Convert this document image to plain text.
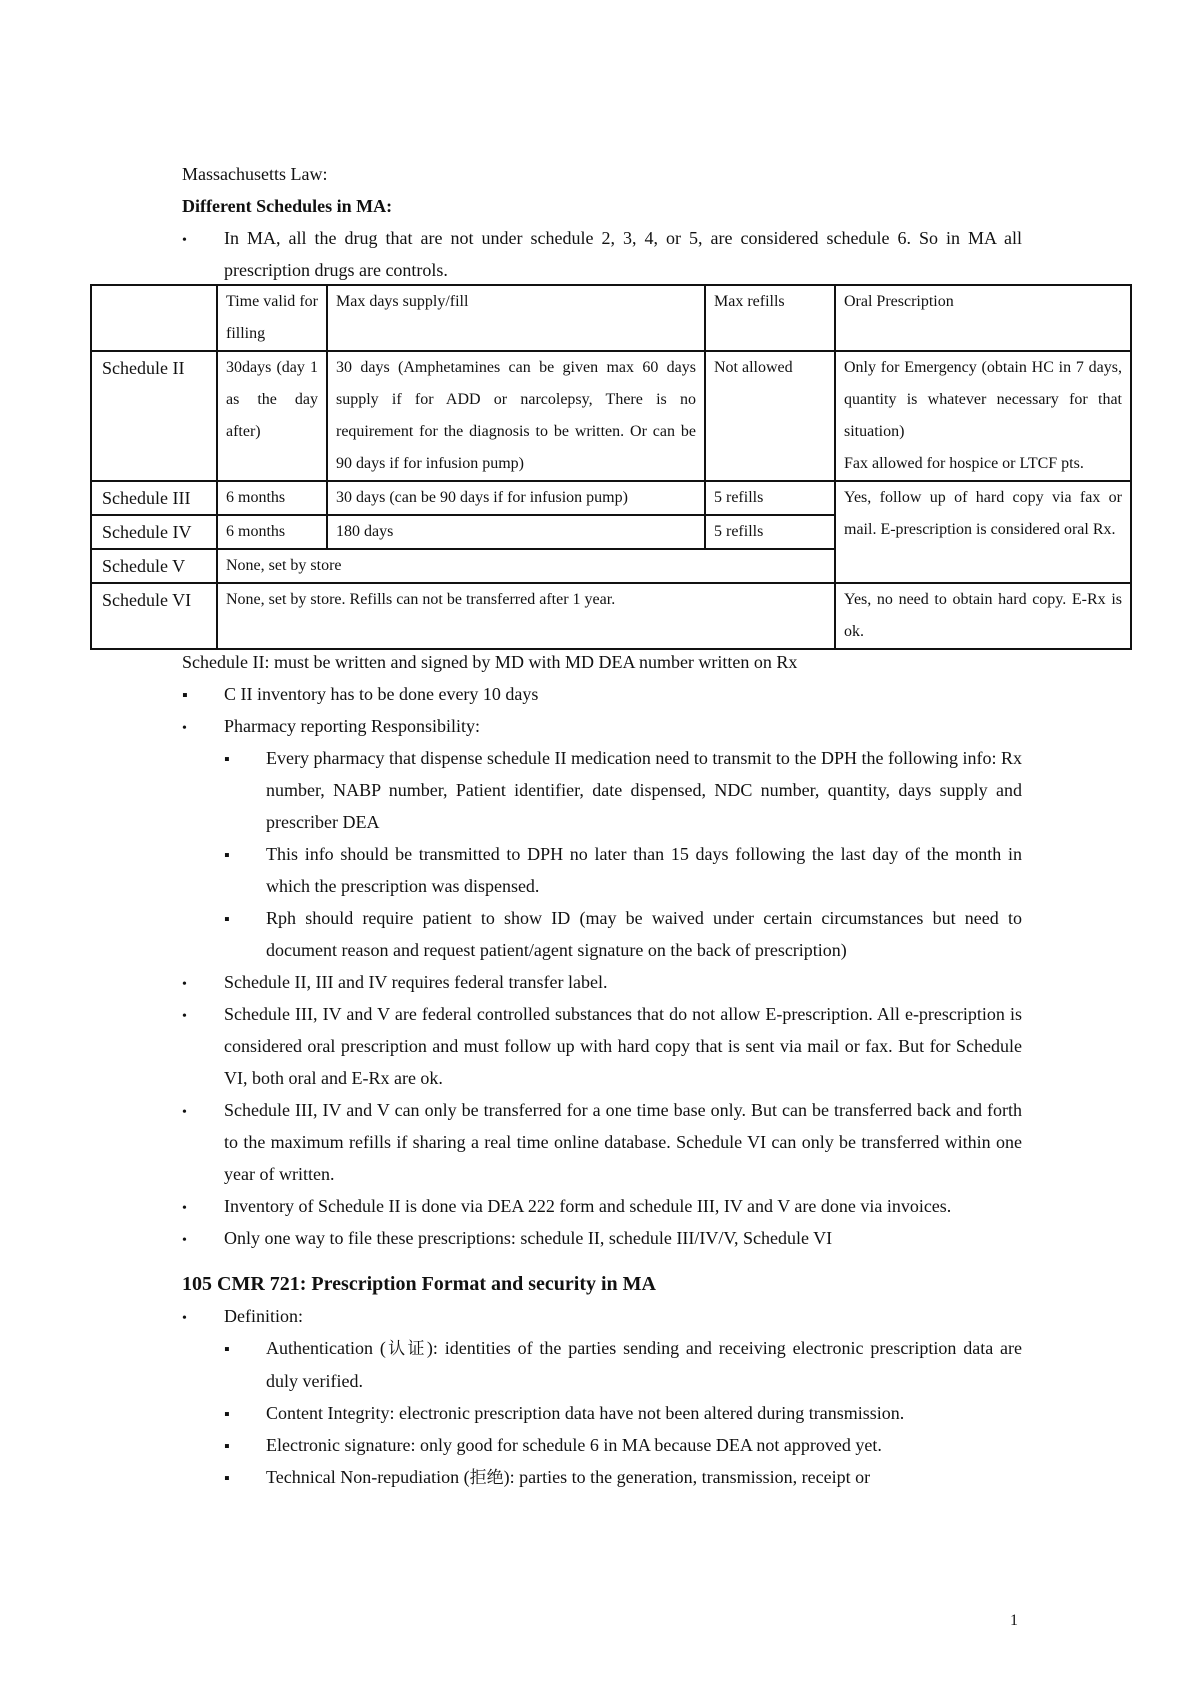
Massachusetts Law:

Different Schedules in MA:

•
In MA, all the drug that are not under schedule 2, 3, 4, or 5, are considered schedule 6. So in MA all prescription drugs are controls.
	Time valid for filling	Max days supply/fill	Max refills	Oral Prescription
Schedule II	30days (day 1 as the day after)	30 days (Amphetamines can be given max 60 days supply if for ADD or narcolepsy, There is no requirement for the diagnosis to be written. Or can be 90 days if for infusion pump)	Not allowed	Only for Emergency (obtain HC in 7 days, quantity is whatever necessary for that situation)
Fax allowed for hospice or LTCF pts.

Schedule III	6 months	30 days (can be 90 days if for infusion pump)	5 refills	Yes, follow up of hard copy via fax or mail. E-prescription is considered oral Rx.
Schedule IV	6 months	180 days	5 refills	
Schedule V	None, set by store			
Schedule VI	None, set by store. Refills can not be transferred after 1 year.			Yes, no need to obtain hard copy. E-Rx is ok.

Schedule II: must be written and signed by MD with MD DEA number written on Rx

▪
C II inventory has to be done every 10 days
•
Pharmacy reporting Responsibility:
▪
Every pharmacy that dispense schedule II medication need to transmit to the DPH the following info: Rx number, NABP number, Patient identifier, date dispensed, NDC number, quantity, days supply and prescriber DEA
▪
This info should be transmitted to DPH no later than 15 days following the last day of the month in which the prescription was dispensed.
▪
Rph should require patient to show ID (may be waived under certain circumstances but need to document reason and request patient/agent signature on the back of prescription)
•
Schedule II, III and IV requires federal transfer label.
•
Schedule III, IV and V are federal controlled substances that do not allow E-prescription. All e-prescription is considered oral prescription and must follow up with hard copy that is sent via mail or fax. But for Schedule VI, both oral and E-Rx are ok.
•
Schedule III, IV and V can only be transferred for a one time base only. But can be transferred back and forth to the maximum refills if sharing a real time online database. Schedule VI can only be transferred within one year of written.
•
Inventory of Schedule II is done via DEA 222 form and schedule III, IV and V are done via invoices.
•
Only one way to file these prescriptions: schedule II, schedule III/IV/V, Schedule VI

105 CMR 721: Prescription Format and security in MA

•
Definition:
▪
Authentication (认证): identities of the parties sending and receiving electronic prescription data are duly verified.
▪
Content Integrity: electronic prescription data have not been altered during transmission.
▪
Electronic signature: only good for schedule 6 in MA because DEA not approved yet.
▪
Technical Non-repudiation (拒绝): parties to the generation, transmission, receipt or
1
